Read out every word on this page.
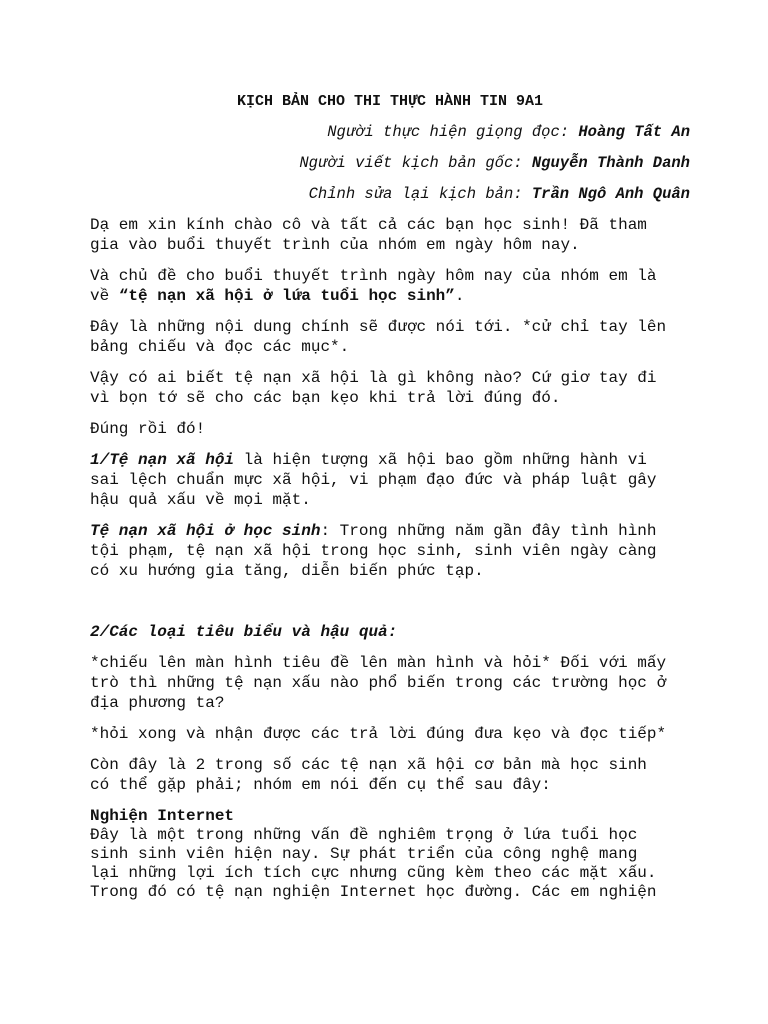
KỊCH BẢN CHO THI THỰC HÀNH TIN 9A1
Người thực hiện giọng đọc: Hoàng Tất An
Người viết kịch bản gốc: Nguyễn Thành Danh
Chỉnh sửa lại kịch bản: Trần Ngô Anh Quân

Dạ em xin kính chào cô và tất cả các bạn học sinh! Đã tham
gia vào buổi thuyết trình của nhóm em ngày hôm nay.

Và chủ đề cho buổi thuyết trình ngày hôm nay của nhóm em là
về “tệ nạn xã hội ở lứa tuổi học sinh”.

Đây là những nội dung chính sẽ được nói tới. *cử chỉ tay lên
bảng chiếu và đọc các mục*.

Vậy có ai biết tệ nạn xã hội là gì không nào? Cứ giơ tay đi
vì bọn tớ sẽ cho các bạn kẹo khi trả lời đúng đó.

Đúng rồi đó!

1/Tệ nạn xã hội là hiện tượng xã hội bao gồm những hành vi
sai lệch chuẩn mực xã hội, vi phạm đạo đức và pháp luật gây
hậu quả xấu về mọi mặt.

Tệ nạn xã hội ở học sinh: Trong những năm gần đây tình hình
tội phạm, tệ nạn xã hội trong học sinh, sinh viên ngày càng
có xu hướng gia tăng, diễn biến phức tạp.

2/Các loại tiêu biểu và hậu quả:

*chiếu lên màn hình tiêu đề lên màn hình và hỏi* Đối với mấy
trò thì những tệ nạn xấu nào phổ biến trong các trường học ở
địa phương ta?

*hỏi xong và nhận được các trả lời đúng đưa kẹo và đọc tiếp*

Còn đây là 2 trong số các tệ nạn xã hội cơ bản mà học sinh
có thể gặp phải; nhóm em nói đến cụ thể sau đây:

Nghiện Internet

Đây là một trong những vấn đề nghiêm trọng ở lứa tuổi học
sinh sinh viên hiện nay. Sự phát triển của công nghệ mang
lại những lợi ích tích cực nhưng cũng kèm theo các mặt xấu.
Trong đó có tệ nạn nghiện Internet học đường. Các em nghiện
